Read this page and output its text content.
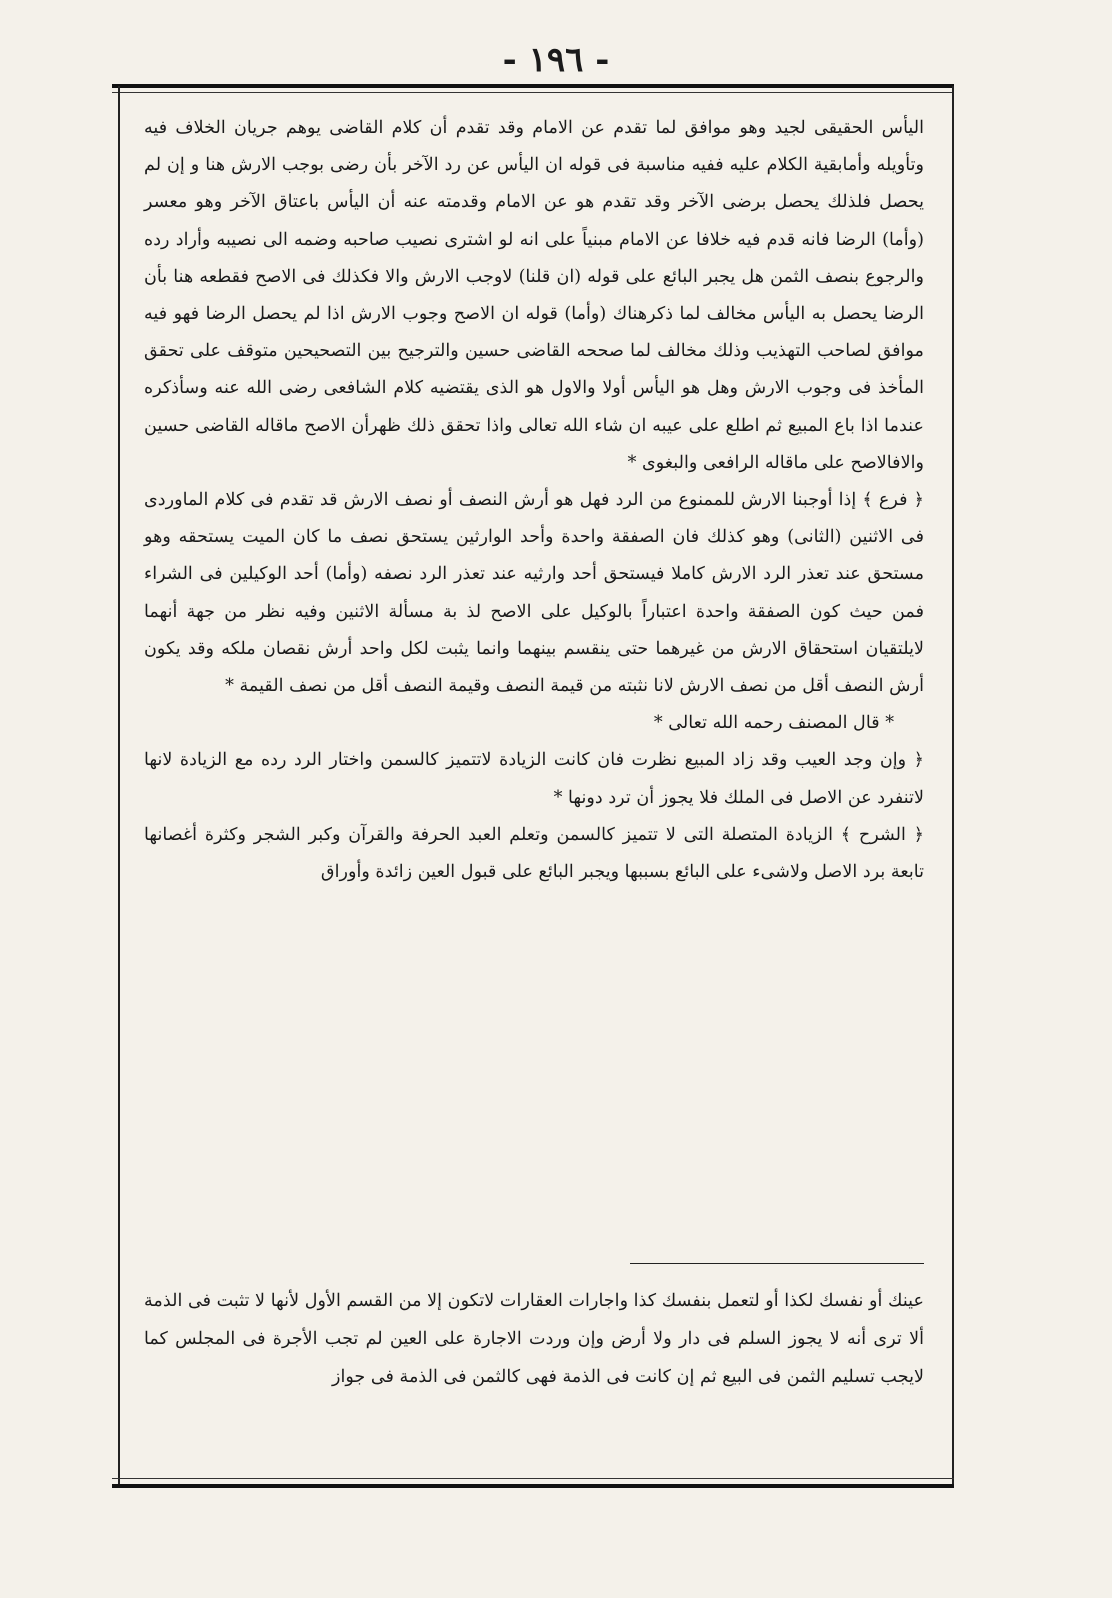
- ١٩٦ -

اليأس الحقيقى لجيد وهو موافق لما تقدم عن الامام وقد تقدم أن كلام القاضى يوهم جريان الخلاف فيه وتأويله وأمابقية الكلام عليه ففيه مناسبة فى قوله ان اليأس عن رد الآخر بأن رضى بوجب الارش هنا و إن لم يحصل فلذلك يحصل برضى الآخر وقد تقدم هو عن الامام وقدمته عنه أن اليأس باعتاق الآخر وهو معسر (وأما) الرضا فانه قدم فيه خلافا عن الامام مبنياً على انه لو اشترى نصيب صاحبه وضمه الى نصيبه وأراد رده والرجوع بنصف الثمن هل يجبر البائع على قوله (ان قلنا) لاوجب الارش والا فكذلك فى الاصح فقطعه هنا بأن الرضا يحصل به اليأس مخالف لما ذكرهناك (وأما) قوله ان الاصح وجوب الارش اذا لم يحصل الرضا فهو فيه موافق لصاحب التهذيب وذلك مخالف لما صححه القاضى حسين والترجيح بين التصحيحين متوقف على تحقق المأخذ فى وجوب الارش وهل هو اليأس أولا والاول هو الذى يقتضيه كلام الشافعى رضى الله عنه وسأذكره عندما اذا باع المبيع ثم اطلع على عيبه ان شاء الله تعالى واذا تحقق ذلك ظهرأن الاصح ماقاله القاضى حسين والافالاصح على ماقاله الرافعى والبغوى *

﴿ فرع ﴾ إذا أوجبنا الارش للممنوع من الرد فهل هو أرش النصف أو نصف الارش قد تقدم فى كلام الماوردى فى الاثنين (الثانى) وهو كذلك فان الصفقة واحدة وأحد الوارثين يستحق نصف ما كان الميت يستحقه وهو مستحق عند تعذر الرد الارش كاملا فيستحق أحد وارثيه عند تعذر الرد نصفه (وأما) أحد الوكيلين فى الشراء فمن حيث كون الصفقة واحدة اعتباراً بالوكيل على الاصح لذ بة مسألة الاثنين وفيه نظر من جهة أنهما لايلتقيان استحقاق الارش من غيرهما حتى ينقسم بينهما وانما يثبت لكل واحد أرش نقصان ملكه وقد يكون أرش النصف أقل من نصف الارش لانا نثبته من قيمة النصف وقيمة النصف أقل من نصف القيمة *

* قال المصنف رحمه الله تعالى *

﴿ وإن وجد العيب وقد زاد المبيع نظرت فان كانت الزيادة لاتتميز كالسمن واختار الرد رده مع الزيادة لانها لاتنفرد عن الاصل فى الملك فلا يجوز أن ترد دونها *

﴿ الشرح ﴾ الزيادة المتصلة التى لا تتميز كالسمن وتعلم العبد الحرفة والقرآن وكبر الشجر وكثرة أغصانها تابعة برد الاصل ولاشىء على البائع بسببها ويجبر البائع على قبول العين زائدة وأوراق

عينك أو نفسك لكذا أو لتعمل بنفسك كذا واجارات العقارات لاتكون إلا من القسم الأول لأنها لا تثبت فى الذمة ألا ترى أنه لا يجوز السلم فى دار ولا أرض وإن وردت الاجارة على العين لم تجب الأجرة فى المجلس كما لايجب تسليم الثمن فى البيع ثم إن كانت فى الذمة فهى كالثمن فى الذمة فى جواز
